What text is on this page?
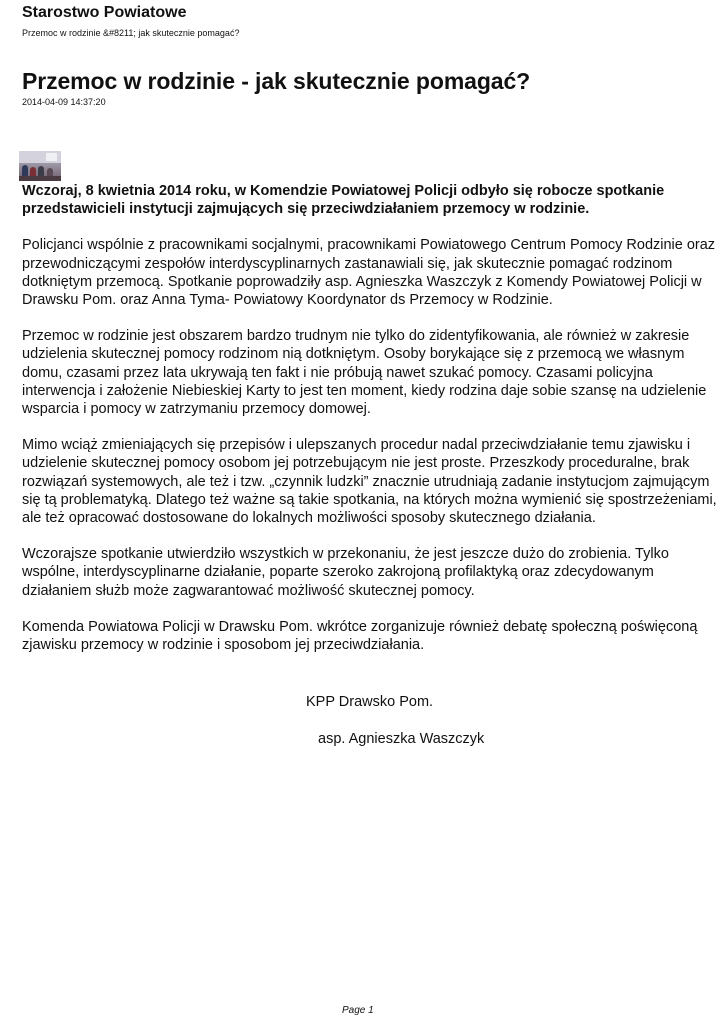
Starostwo Powiatowe
Przemoc w rodzinie &#8211; jak skutecznie pomagać?
Przemoc w rodzinie - jak skutecznie pomagać?
2014-04-09 14:37:20

Wczoraj, 8 kwietnia 2014 roku, w Komendzie Powiatowej Policji odbyło się robocze spotkanie przedstawicieli instytucji zajmujących się przeciwdziałaniem przemocy w rodzinie.

Policjanci wspólnie z pracownikami socjalnymi, pracownikami Powiatowego Centrum Pomocy Rodzinie oraz przewodniczącymi zespołów interdyscyplinarnych zastanawiali się, jak skutecznie pomagać rodzinom dotkniętym przemocą. Spotkanie poprowadziły asp. Agnieszka Waszczyk z Komendy Powiatowej Policji w Drawsku Pom. oraz Anna Tyma- Powiatowy Koordynator ds Przemocy w Rodzinie.

Przemoc w rodzinie jest obszarem bardzo trudnym nie tylko do zidentyfikowania, ale również w zakresie udzielenia skutecznej pomocy rodzinom nią dotkniętym. Osoby borykające się z przemocą we własnym domu, czasami przez lata ukrywają ten fakt i nie próbują nawet szukać pomocy. Czasami policyjna interwencja i założenie Niebieskiej Karty to jest ten moment, kiedy rodzina daje sobie szansę na udzielenie wsparcia i pomocy w zatrzymaniu przemocy domowej.

Mimo wciąż zmieniających się przepisów i ulepszanych procedur nadal przeciwdziałanie temu zjawisku i udzielenie skutecznej pomocy osobom jej potrzebującym nie jest proste. Przeszkody proceduralne, brak rozwiązań systemowych, ale też i tzw. „czynnik ludzki” znacznie utrudniają zadanie instytucjom zajmującym się tą problematyką. Dlatego też ważne są takie spotkania, na których można wymienić się spostrzeżeniami, ale też opracować dostosowane do lokalnych możliwości sposoby skutecznego działania.

Wczorajsze spotkanie utwierdziło wszystkich w przekonaniu, że jest jeszcze dużo do zrobienia. Tylko wspólne, interdyscyplinarne działanie, poparte szeroko zakrojoną profilaktyką oraz zdecydowanym działaniem służb może zagwarantować możliwość skutecznej pomocy.

Komenda Powiatowa Policji w Drawsku Pom. wkrótce zorganizuje również debatę społeczną poświęconą zjawisku przemocy w rodzinie i sposobom jej przeciwdziałania.

KPP Drawsko Pom.
asp. Agnieszka Waszczyk
Page 1
